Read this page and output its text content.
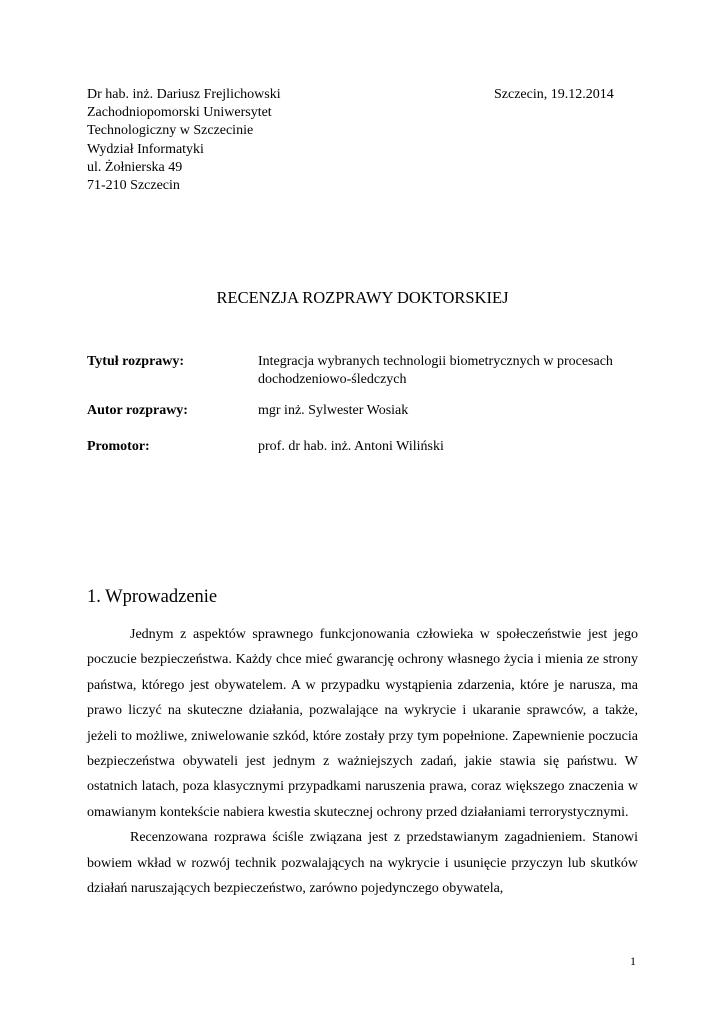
Dr hab. inż. Dariusz Frejlichowski
Zachodniopomorski Uniwersytet
Technologiczny w Szczecinie
Wydział Informatyki
ul. Żołnierska 49
71-210 Szczecin
Szczecin, 19.12.2014
RECENZJA ROZPRAWY DOKTORSKIEJ
Tytuł rozprawy:	Integracja wybranych technologii biometrycznych w procesach dochodzeniowo-śledczych
Autor rozprawy:	mgr inż. Sylwester Wosiak
Promotor:	prof. dr hab. inż. Antoni Wiliński
1. Wprowadzenie

Jednym z aspektów sprawnego funkcjonowania człowieka w społeczeństwie jest jego poczucie bezpieczeństwa. Każdy chce mieć gwarancję ochrony własnego życia i mienia ze strony państwa, którego jest obywatelem. A w przypadku wystąpienia zdarzenia, które je narusza, ma prawo liczyć na skuteczne działania, pozwalające na wykrycie i ukaranie sprawców, a także, jeżeli to możliwe, zniwelowanie szkód, które zostały przy tym popełnione. Zapewnienie poczucia bezpieczeństwa obywateli jest jednym z ważniejszych zadań, jakie stawia się państwu. W ostatnich latach, poza klasycznymi przypadkami naruszenia prawa, coraz większego znaczenia w omawianym kontekście nabiera kwestia skutecznej ochrony przed działaniami terrorystycznymi.

Recenzowana rozprawa ściśle związana jest z przedstawianym zagadnieniem. Stanowi bowiem wkład w rozwój technik pozwalających na wykrycie i usunięcie przyczyn lub skutków działań naruszających bezpieczeństwo, zarówno pojedynczego obywatela,

1
